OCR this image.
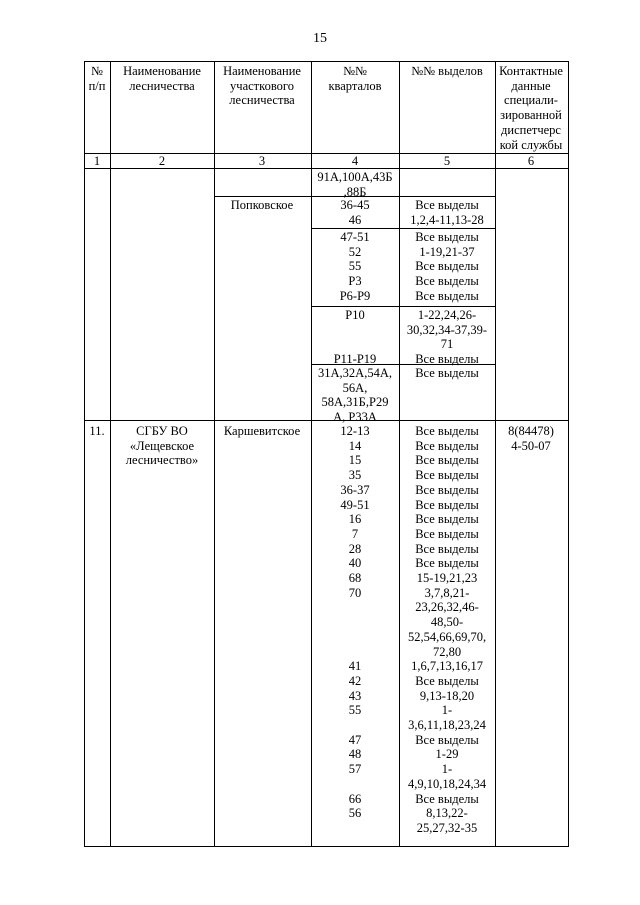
15
№
п/п
1
Наименование
лесничества
2
Наименование
участкового
лесничества
3
№№
кварталов
4
№№ выделов
5
Контактные
данные
специали-
зированной
диспетчерс
кой службы
6
91А,100А,43Б
,88Б
36-45
46
Все выделы
1,2,4-11,13-28
Попковское
47-51
52
55
Р3
Р6-Р9
Все выделы
1-19,21-37
Все выделы
Все выделы
Все выделы
Р10
Р11-Р19
1-22,24,26-
30,32,34-37,39-
71
Все выделы
31А,32А,54А,
56А,
58А,31Б,Р29
А, Р33А
Все выделы
11.	СГБУ ВО
«Лещевское
лесничество»
Каршевитское	8(84478)
4-50-07
12-13
14
15
35
36-37
49-51
16
7
28
40
68
70
41
42
43
55
47
48
57
66
56
Все выделы
Все выделы
Все выделы
Все выделы
Все выделы
Все выделы
Все выделы
Все выделы
Все выделы
Все выделы
15-19,21,23
3,7,8,21-
23,26,32,46-
48,50-
52,54,66,69,70,
72,80
1,6,7,13,16,17
Все выделы
9,13-18,20
1-
3,6,11,18,23,24
Все выделы
1-29
1-
4,9,10,18,24,34
Все выделы
8,13,22-
25,27,32-35
